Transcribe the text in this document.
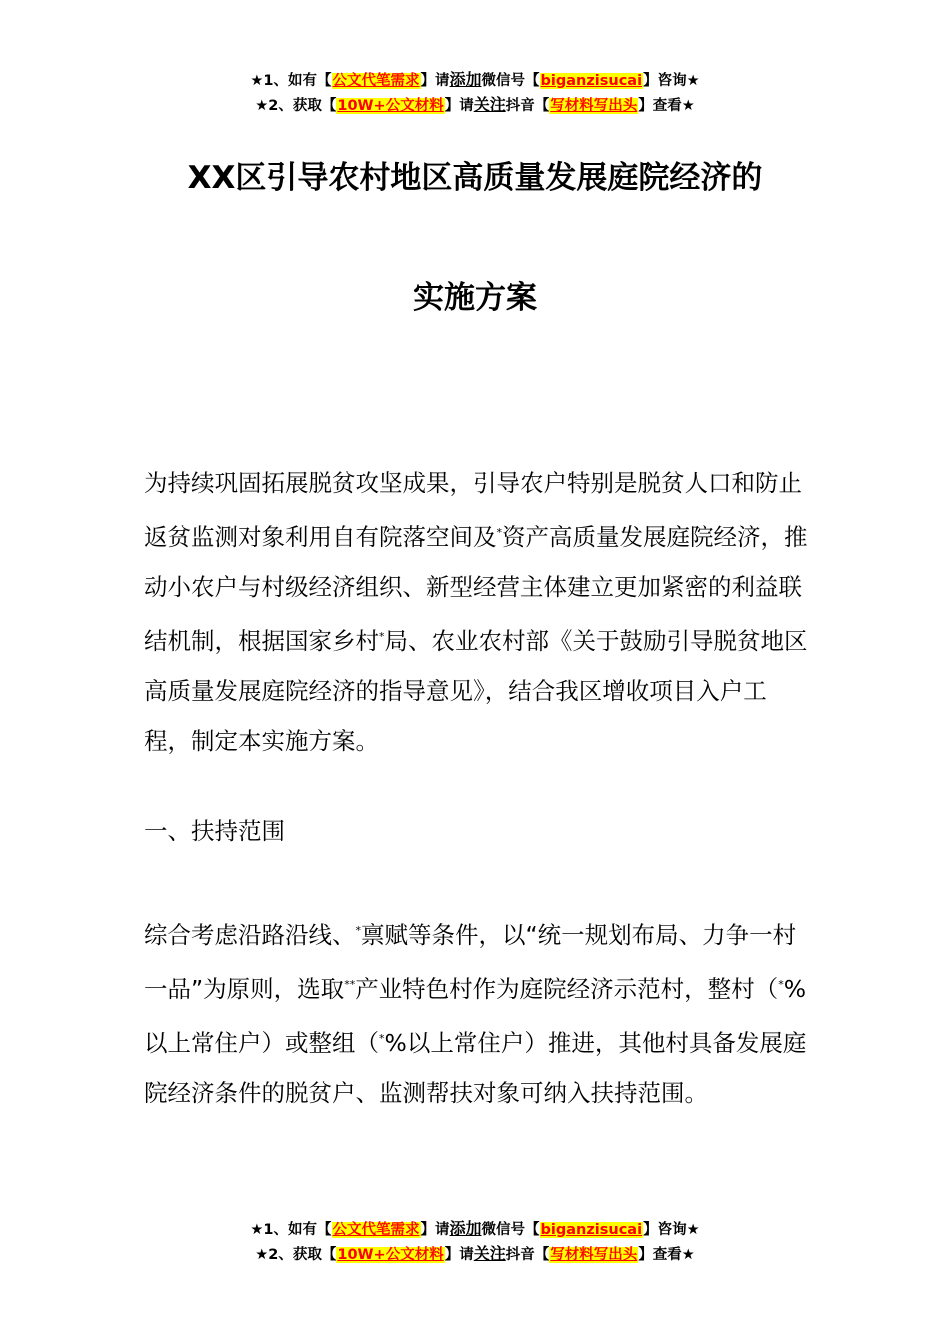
★1、如有【公文代笔需求】请添加微信号【biganzisucai】咨询★
★2、获取【10W+公文材料】请关注抖音【写材料写出头】查看★
XX区引导农村地区高质量发展庭院经济的
实施方案

为持续巩固拓展脱贫攻坚成果，引导农户特别是脱贫人口和防止返贫监测对象利用自有院落空间及*资产高质量发展庭院经济，推动小农户与村级经济组织、新型经营主体建立更加紧密的利益联结机制，根据国家乡村*局、农业农村部《关于鼓励引导脱贫地区高质量发展庭院经济的指导意见》，结合我区增收项目入户工程，制定本实施方案。

一、扶持范围

综合考虑沿路沿线、*禀赋等条件，以“统一规划布局、力争一村一品”为原则，选取**产业特色村作为庭院经济示范村，整村（*%以上常住户）或整组（*%以上常住户）推进，其他村具备发展庭院经济条件的脱贫户、监测帮扶对象可纳入扶持范围。

★1、如有【公文代笔需求】请添加微信号【biganzisucai】咨询★
★2、获取【10W+公文材料】请关注抖音【写材料写出头】查看★
